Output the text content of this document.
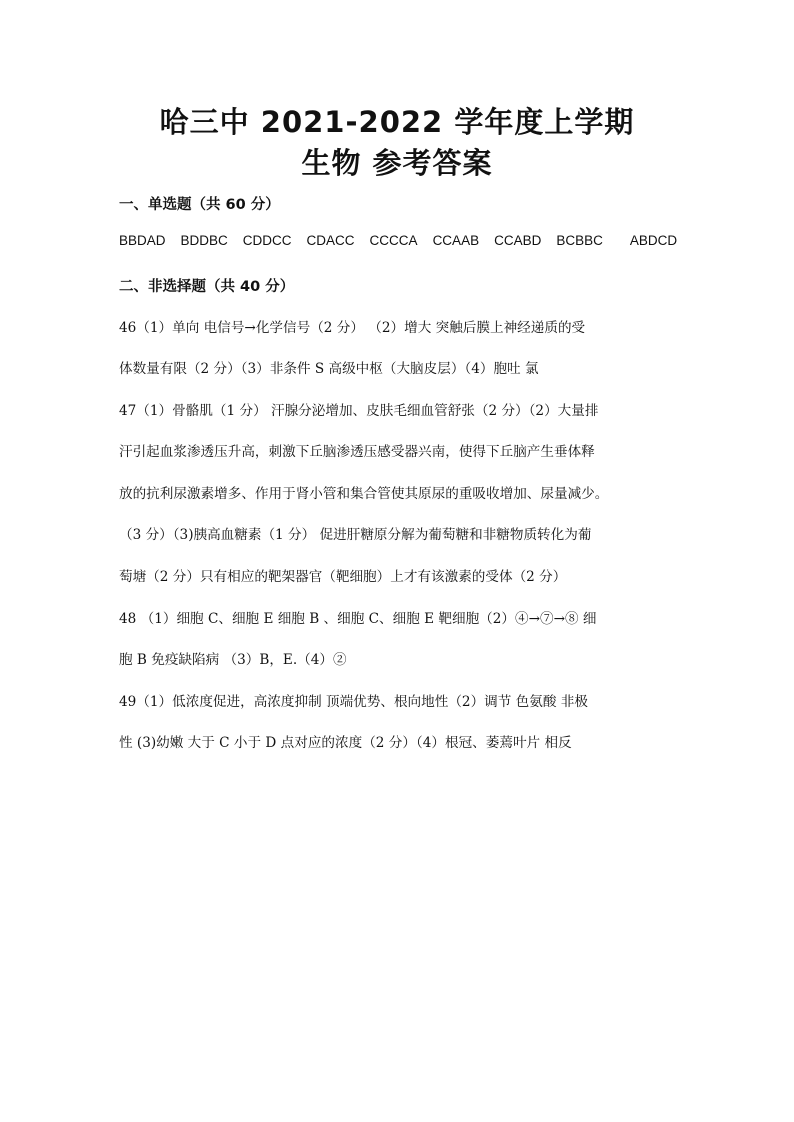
哈三中 2021-2022 学年度上学期
生物 参考答案

一、单选题（共 60 分）

BBDAD BDDBC CDDCC CDACC CCCCA CCAAB CCABD BCBBC ABDCD

二、非选择题（共 40 分）

46（1）单向 电信号→化学信号（2 分） （2）增大 突触后膜上神经递质的受

体数量有限（2 分）（3）非条件 S 高级中枢（大脑皮层）（4）胞吐 氯

47（1）骨骼肌（1 分） 汗腺分泌增加、皮肤毛细血管舒张（2 分）（2）大量排

汗引起血浆渗透压升高，刺激下丘脑渗透压感受器兴南，使得下丘脑产生垂体释

放的抗利尿激素增多、作用于肾小管和集合管使其原尿的重吸收增加、尿量减少。

（3 分）（3)胰高血糖素（1 分） 促进肝糖原分解为葡萄糖和非糖物质转化为葡

萄塘（2 分）只有相应的靶架器官（靶细胞）上才有该激素的受体（2 分）

48 （1）细胞 C、细胞 E 细胞 B 、细胞 C、细胞 E 靶细胞（2）④→⑦→⑧ 细

胞 B 免疫缺陷病 （3）B，E.（4）②

49（1）低浓度促进，高浓度抑制 顶端优势、根向地性（2）调节 色氨酸 非极

性 (3)幼嫩 大于 C 小于 D 点对应的浓度（2 分）（4）根冠、萎蔫叶片 相反
